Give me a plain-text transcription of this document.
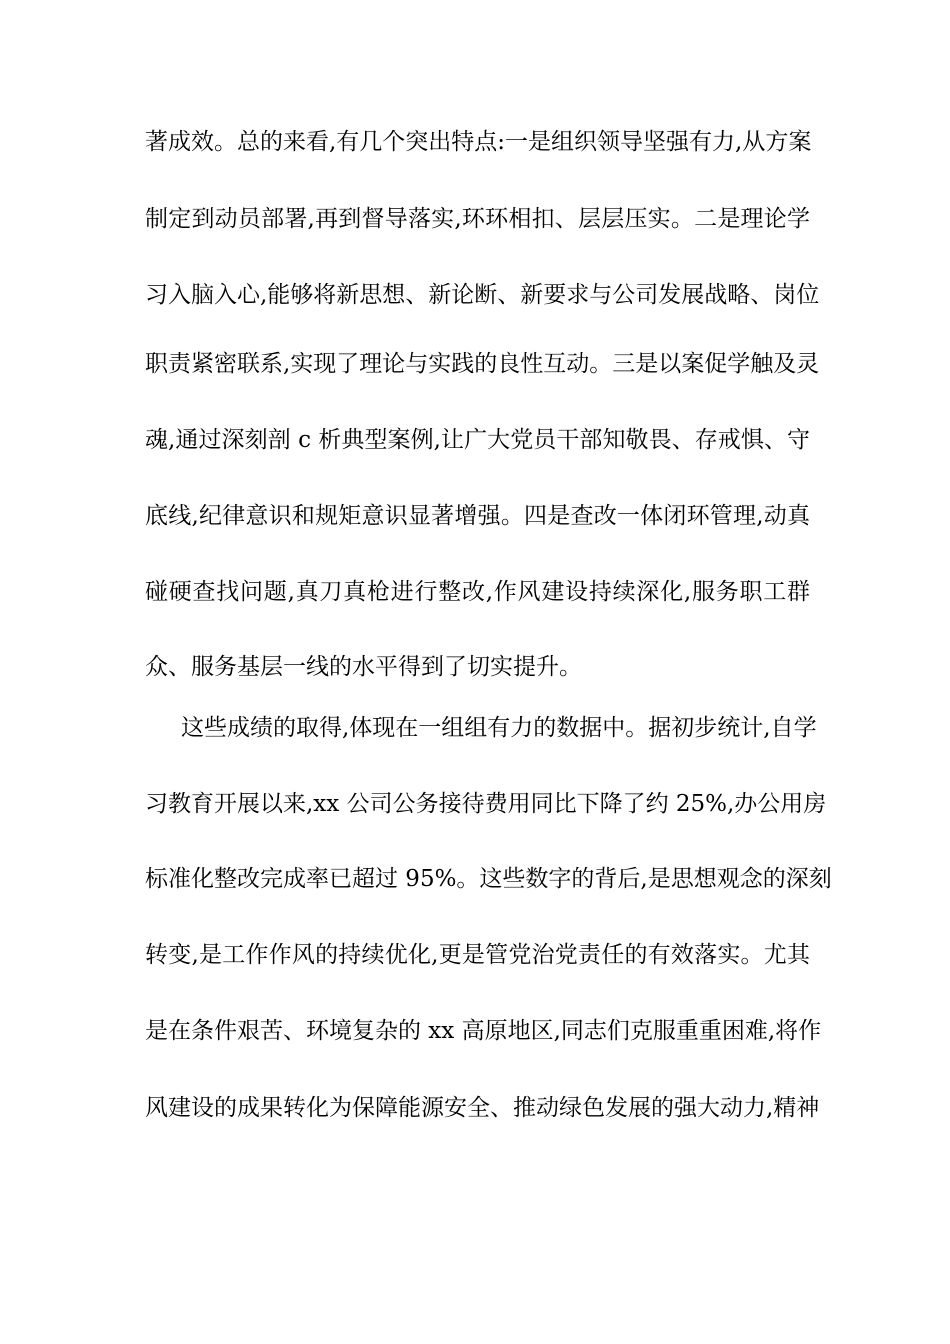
著成效。总的来看,有几个突出特点:一是组织领导坚强有力,从方案
制定到动员部署,再到督导落实,环环相扣、层层压实。二是理论学
习入脑入心,能够将新思想、新论断、新要求与公司发展战略、岗位
职责紧密联系,实现了理论与实践的良性互动。三是以案促学触及灵
魂,通过深刻剖 c 析典型案例,让广大党员干部知敬畏、存戒惧、守
底线,纪律意识和规矩意识显著增强。四是查改一体闭环管理,动真
碰硬查找问题,真刀真枪进行整改,作风建设持续深化,服务职工群
众、服务基层一线的水平得到了切实提升。
这些成绩的取得,体现在一组组有力的数据中。据初步统计,自学
习教育开展以来,xx 公司公务接待费用同比下降了约 25%,办公用房
标准化整改完成率已超过 95%。这些数字的背后,是思想观念的深刻
转变,是工作作风的持续优化,更是管党治党责任的有效落实。尤其
是在条件艰苦、环境复杂的 xx 高原地区,同志们克服重重困难,将作
风建设的成果转化为保障能源安全、推动绿色发展的强大动力,精神
